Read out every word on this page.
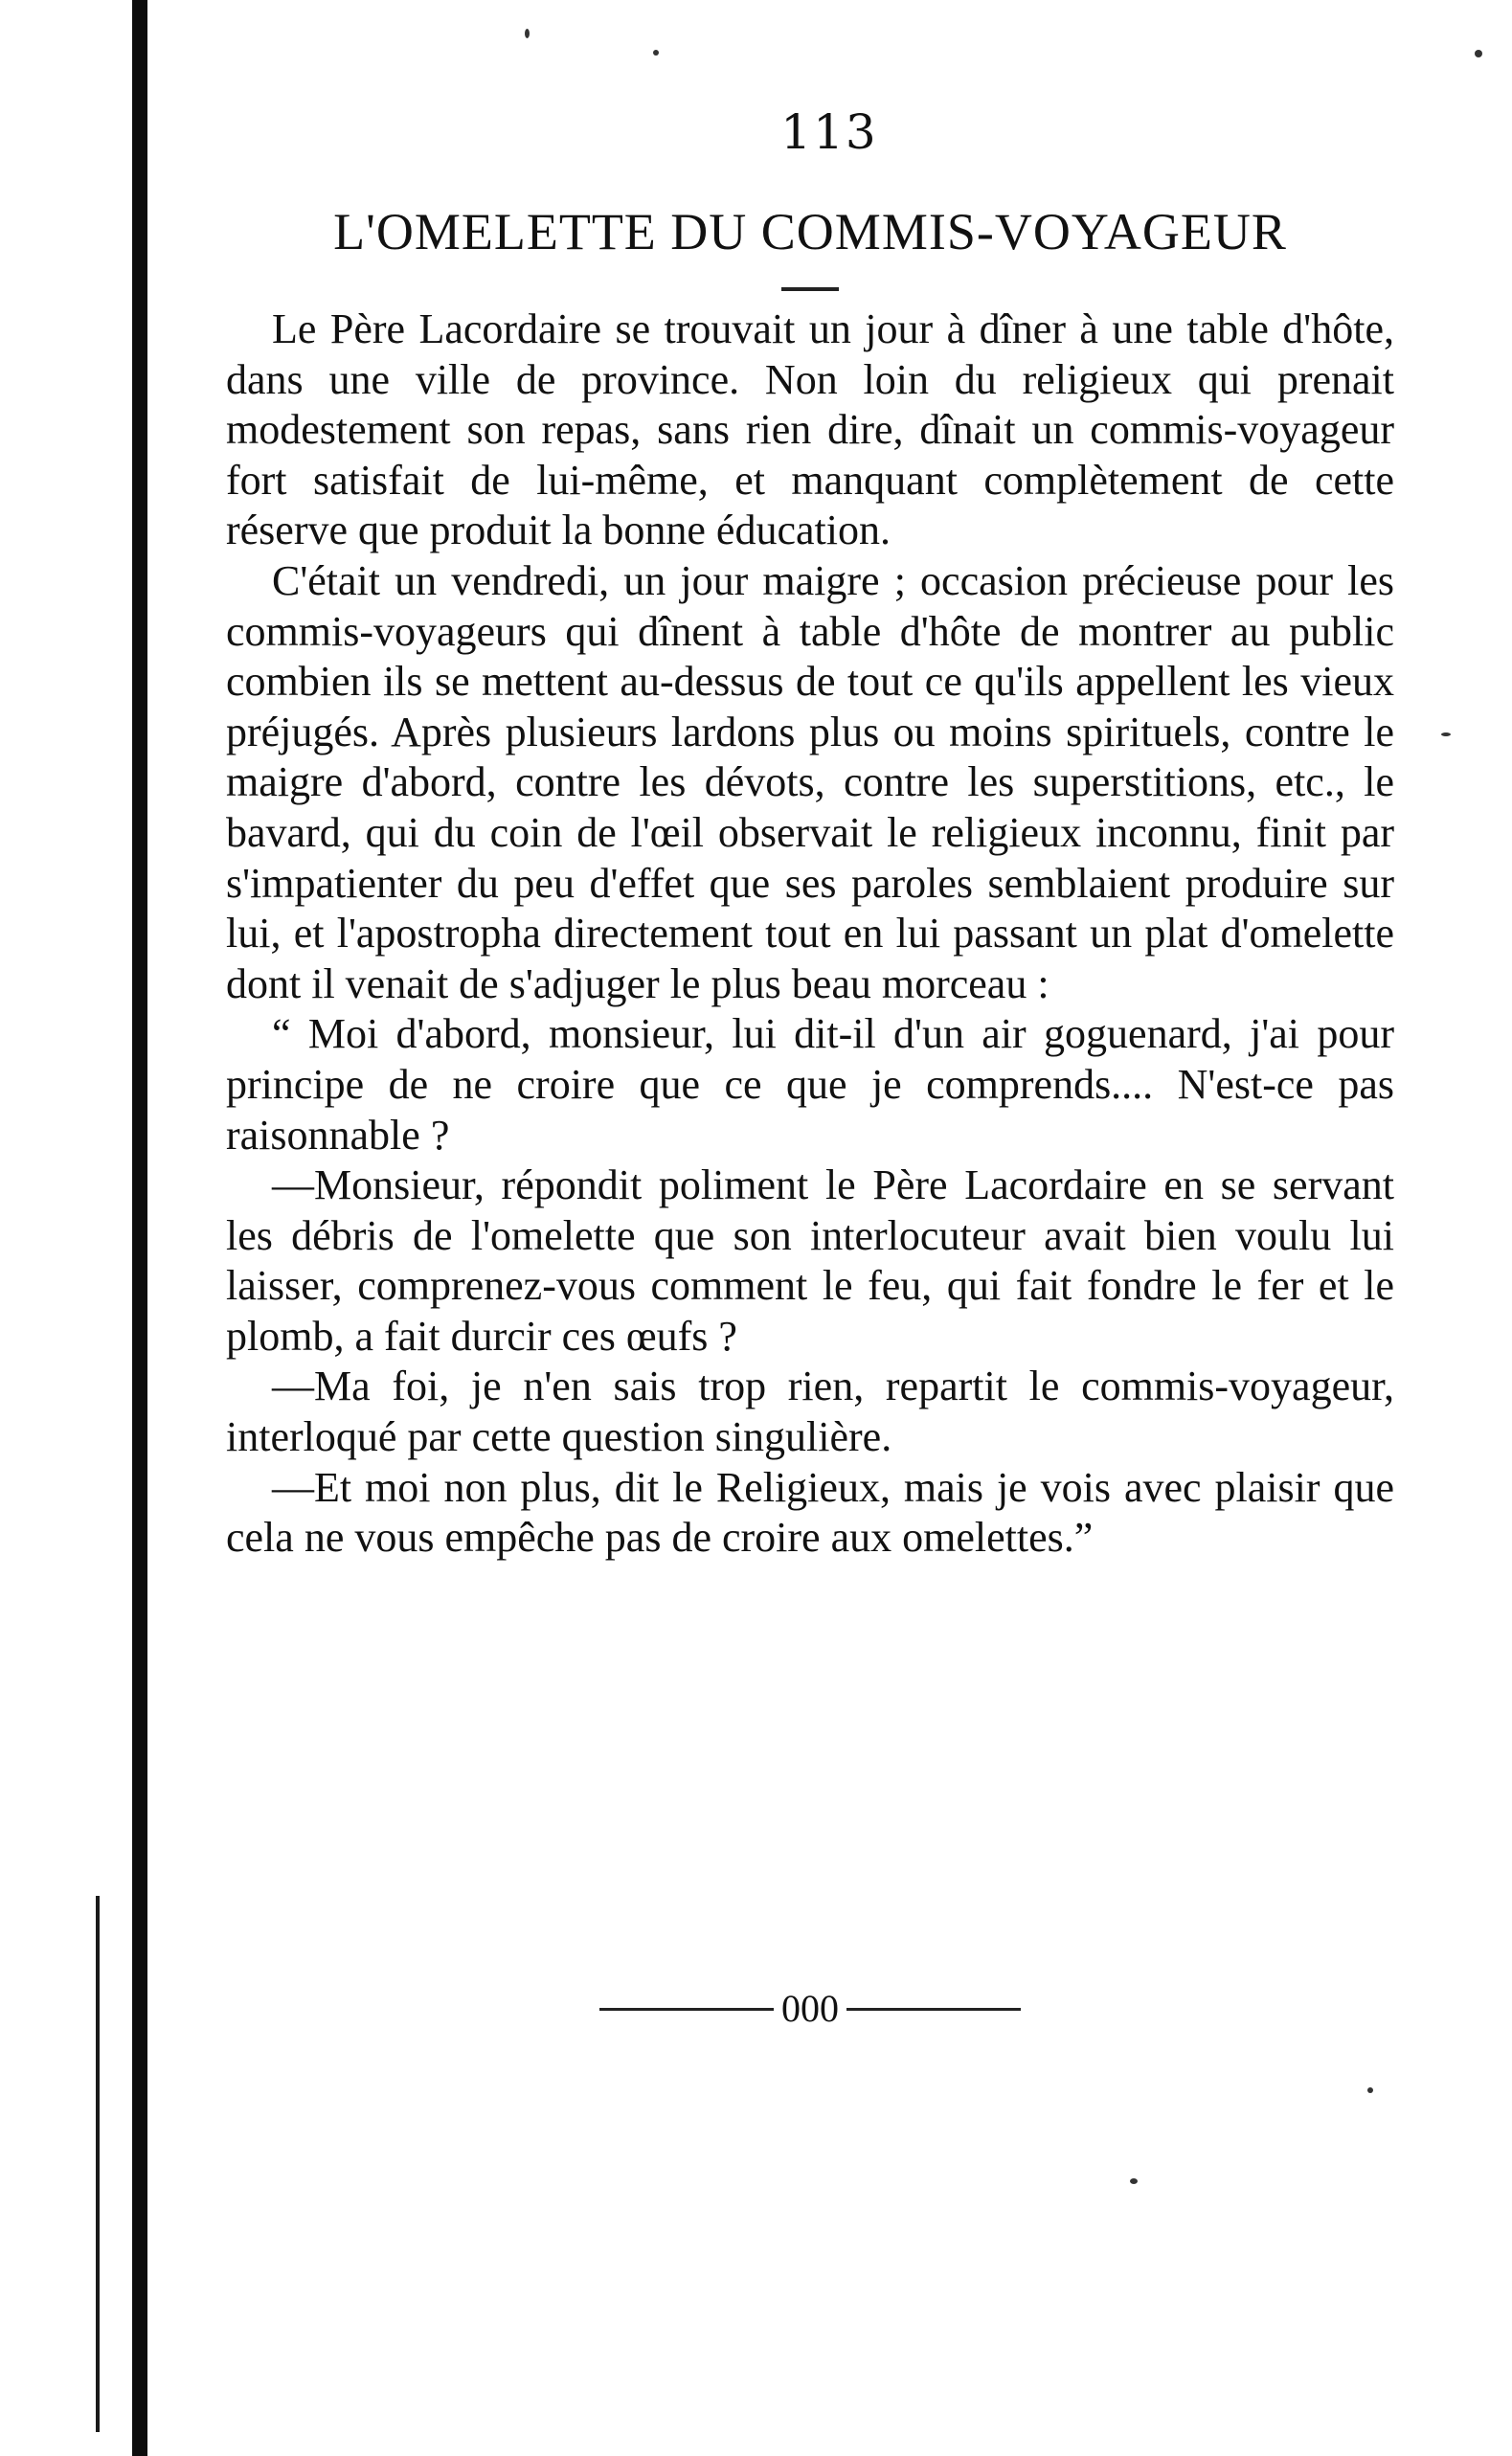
113
L'OMELETTE DU COMMIS-VOYAGEUR

Le Père Lacordaire se trouvait un jour à dîner à une table d'hôte, dans une ville de province. Non loin du religieux qui prenait modestement son repas, sans rien dire, dînait un commis-voyageur fort satisfait de lui-même, et manquant complètement de cette réserve que produit la bonne éducation.

C'était un vendredi, un jour maigre ; occasion précieuse pour les commis-voyageurs qui dînent à table d'hôte de montrer au public combien ils se mettent au-dessus de tout ce qu'ils appellent les vieux préjugés. Après plusieurs lardons plus ou moins spirituels, contre le maigre d'abord, contre les dévots, contre les superstitions, etc., le bavard, qui du coin de l'œil observait le religieux inconnu, finit par s'impatienter du peu d'effet que ses paroles semblaient produire sur lui, et l'apostropha directement tout en lui passant un plat d'omelette dont il venait de s'adjuger le plus beau morceau :

“ Moi d'abord, monsieur, lui dit-il d'un air goguenard, j'ai pour principe de ne croire que ce que je comprends.... N'est-ce pas raisonnable ?

—Monsieur, répondit poliment le Père Lacordaire en se servant les débris de l'omelette que son interlocuteur avait bien voulu lui laisser, comprenez-vous comment le feu, qui fait fondre le fer et le plomb, a fait durcir ces œufs ?

—Ma foi, je n'en sais trop rien, repartit le commis-voyageur, interloqué par cette question singulière.

—Et moi non plus, dit le Religieux, mais je vois avec plaisir que cela ne vous empêche pas de croire aux omelettes.”

000
